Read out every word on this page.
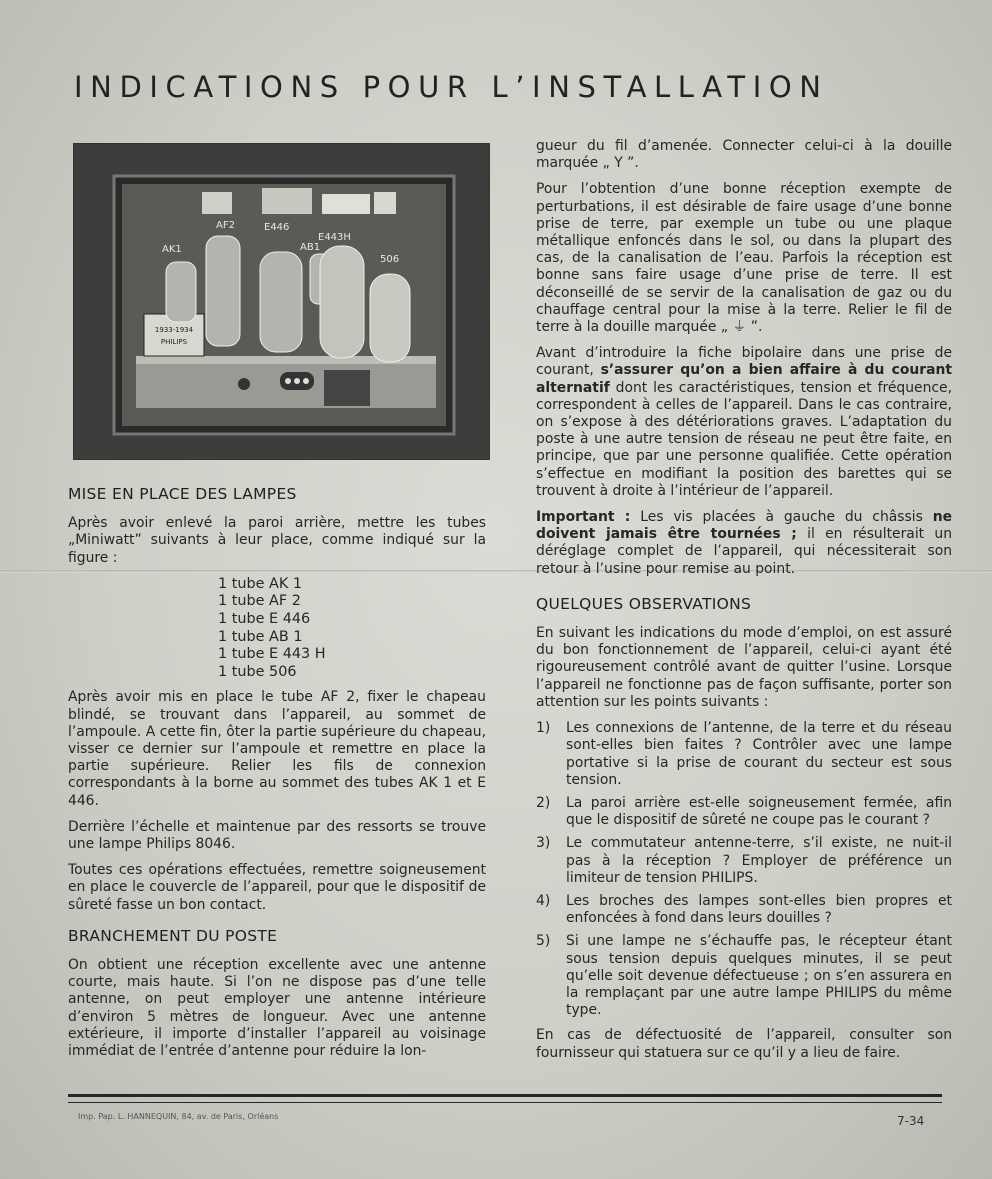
INDICATIONS POUR L’INSTALLATION
1933-1934
PHILIPS
AK1
AF2	E446
AB1
E443H
506
MISE EN PLACE DES LAMPES

Après avoir enlevé la paroi arrière, mettre les tubes „Miniwatt” suivants à leur place, comme indiqué sur la figure :

1 tube AK 1
1 tube AF 2
1 tube E 446
1 tube AB 1
1 tube E 443 H
1 tube 506

Après avoir mis en place le tube AF 2, fixer le chapeau blindé, se trouvant dans l’appareil, au sommet de l’ampoule. A cette fin, ôter la partie supérieure du chapeau, visser ce dernier sur l’ampoule et remettre en place la partie supérieure. Relier les fils de connexion correspondants à la borne au sommet des tubes AK 1 et E 446.

Derrière l’échelle et maintenue par des ressorts se trouve une lampe Philips 8046.

Toutes ces opérations effectuées, remettre soigneusement en place le couvercle de l’appareil, pour que le dispositif de sûreté fasse un bon contact.

BRANCHEMENT DU POSTE

On obtient une réception excellente avec une antenne courte, mais haute. Si l’on ne dispose pas d’une telle antenne, on peut employer une antenne intérieure d’environ 5 mètres de longueur. Avec une antenne extérieure, il importe d’installer l’appareil au voisinage immédiat de l’entrée d’antenne pour réduire la lon-

gueur du fil d’amenée. Connecter celui-ci à la douille marquée „ Y ”.

Pour l’obtention d’une bonne réception exempte de perturbations, il est désirable de faire usage d’une bonne prise de terre, par exemple un tube ou une plaque métallique enfoncés dans le sol, ou dans la plupart des cas, de la canalisation de l’eau. Parfois la réception est bonne sans faire usage d’une prise de terre. Il est déconseillé de se servir de la canalisation de gaz ou du chauffage central pour la mise à la terre. Relier le fil de terre à la douille marquée „ ⏚ ”.

Avant d’introduire la fiche bipolaire dans une prise de courant, s’assurer qu’on a bien affaire à du courant alternatif dont les caractéristiques, tension et fréquence, correspondent à celles de l’appareil. Dans le cas contraire, on s’expose à des détériorations graves. L’adaptation du poste à une autre tension de réseau ne peut être faite, en principe, que par une personne qualifiée. Cette opération s’effectue en modifiant la position des barettes qui se trouvent à droite à l’intérieur de l’appareil.

Important : Les vis placées à gauche du châssis ne doivent jamais être tournées ; il en résulterait un déréglage complet de l’appareil, qui nécessiterait son retour à l’usine pour remise au point.

QUELQUES OBSERVATIONS

En suivant les indications du mode d’emploi, on est assuré du bon fonctionnement de l’appareil, celui-ci ayant été rigoureusement contrôlé avant de quitter l’usine. Lorsque l’appareil ne fonctionne pas de façon suffisante, porter son attention sur les points suivants :

1)	Les connexions de l’antenne, de la terre et du réseau sont-elles bien faites ? Contrôler avec une lampe portative si la prise de courant du secteur est sous tension.
2)	La paroi arrière est-elle soigneusement fermée, afin que le dispositif de sûreté ne coupe pas le courant ?
3)	Le commutateur antenne-terre, s’il existe, ne nuit-il pas à la réception ? Employer de préférence un limiteur de tension PHILIPS.
4)	Les broches des lampes sont-elles bien propres et enfoncées à fond dans leurs douilles ?
5)	Si une lampe ne s’échauffe pas, le récepteur étant sous tension depuis quelques minutes, il se peut qu’elle soit devenue défectueuse ; on s’en assurera en la remplaçant par une autre lampe PHILIPS du même type.

En cas de défectuosité de l’appareil, consulter son fournisseur qui statuera sur ce qu’il y a lieu de faire.

Imp. Pap. L. HANNEQUIN, 84, av. de Paris, Orléans	7-34
